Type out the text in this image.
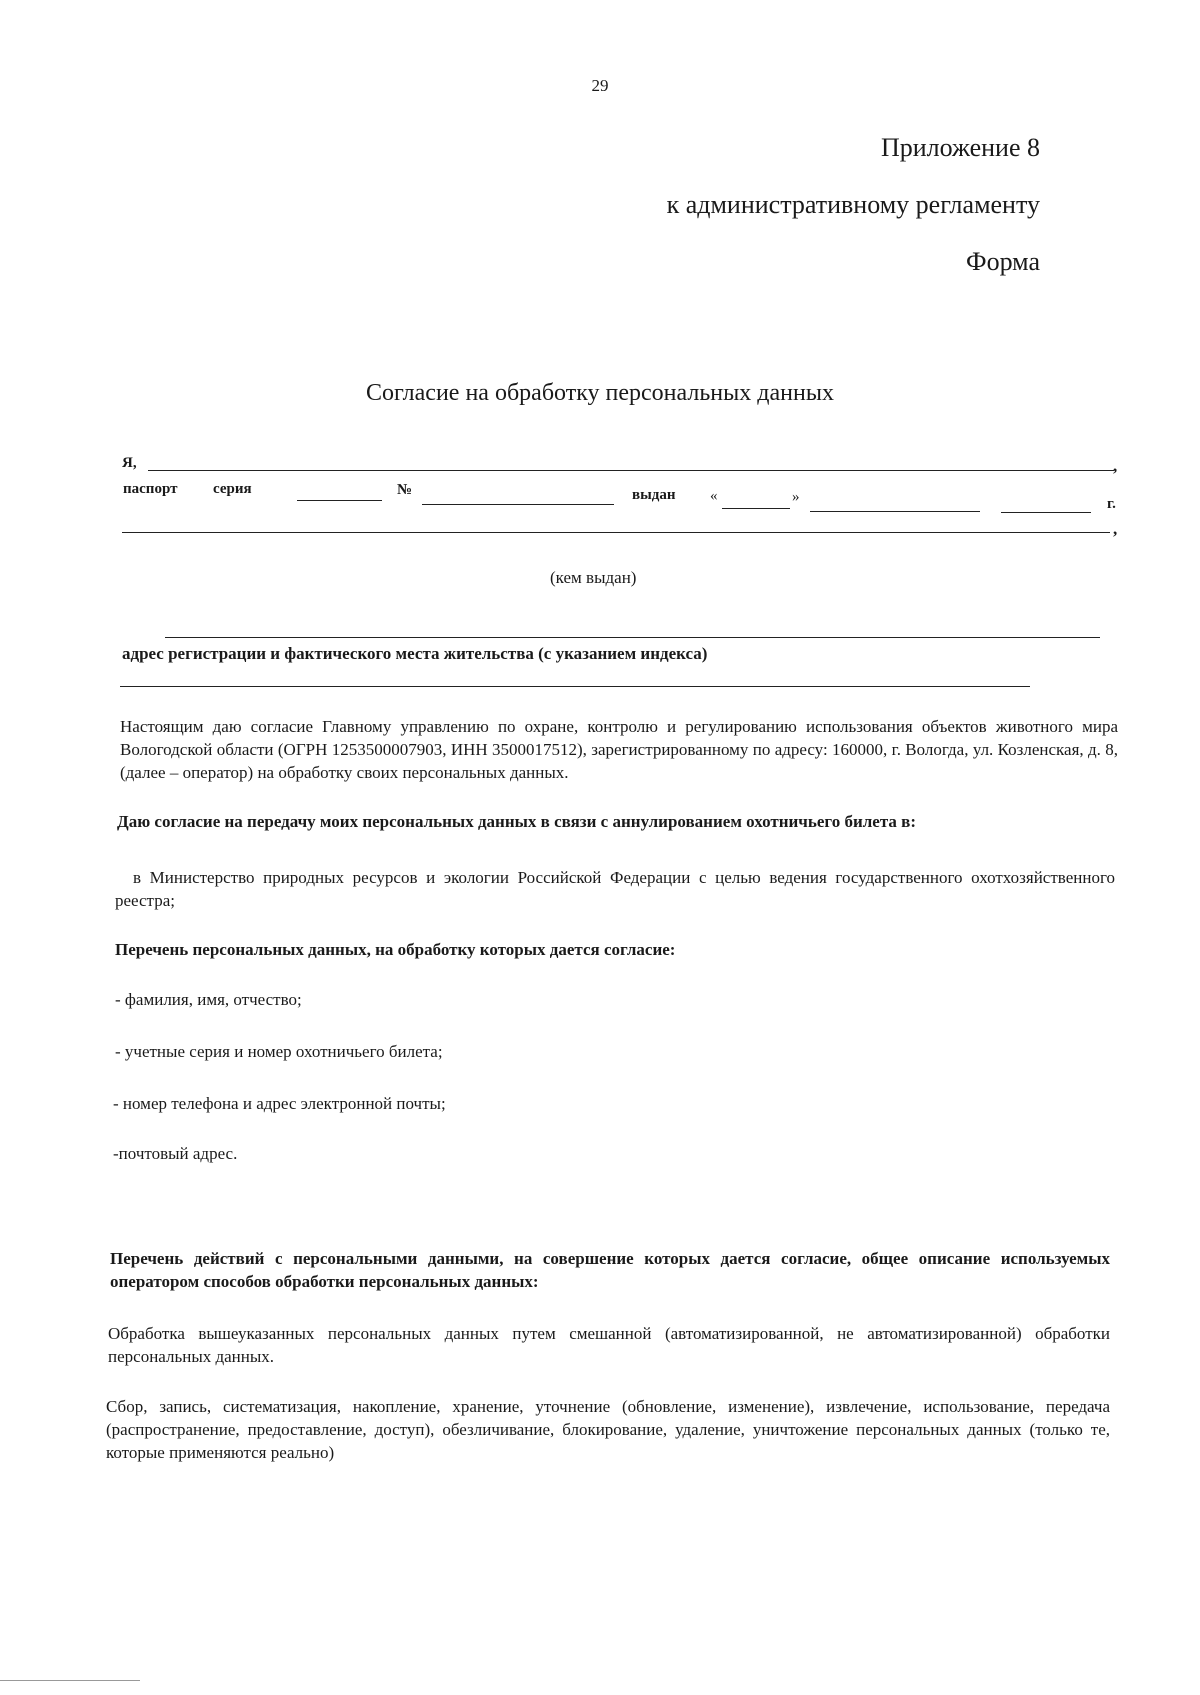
29
Приложение 8
к административному регламенту
Форма
Согласие на обработку персональных данных
Я,	,
паспорт серия	№	выдан «	»	г.
,
(кем выдан)
адрес регистрации и фактического места жительства (с указанием индекса)
Настоящим даю согласие Главному управлению по охране, контролю и регулированию использования объектов животного мира Вологодской области (ОГРН 1253500007903, ИНН 3500017512), зарегистрированному по адресу: 160000, г. Вологда, ул. Козленская, д. 8, (далее – оператор) на обработку своих персональных данных.
Даю согласие на передачу моих персональных данных в связи с аннулированием охотничьего билета в:
в Министерство природных ресурсов и экологии Российской Федерации с целью ведения государственного охотхозяйственного реестра;
Перечень персональных данных, на обработку которых дается согласие:
- фамилия, имя, отчество;
- учетные серия и номер охотничьего билета;
- номер телефона и адрес электронной почты;
-почтовый адрес.
Перечень действий с персональными данными, на совершение которых дается согласие, общее описание используемых оператором способов обработки персональных данных:
Обработка вышеуказанных персональных данных путем смешанной (автоматизированной, не автоматизированной) обработки персональных данных.
Сбор, запись, систематизация, накопление, хранение, уточнение (обновление, изменение), извлечение, использование, передача (распространение, предоставление, доступ), обезличивание, блокирование, удаление, уничтожение персональных данных (только те, которые применяются реально)
